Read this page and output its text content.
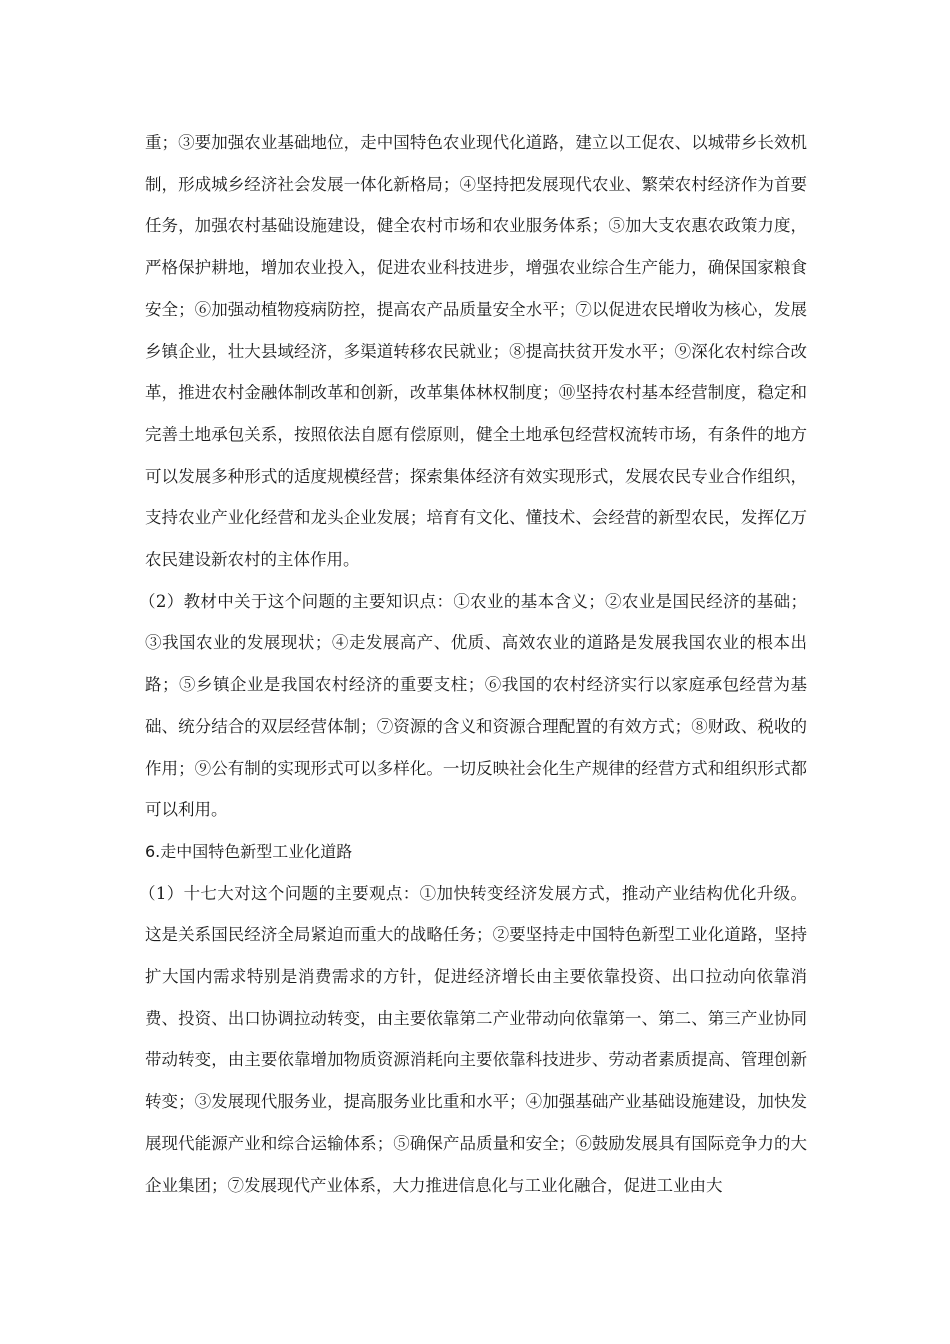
重；③要加强农业基础地位，走中国特色农业现代化道路，建立以工促农、以城带乡长效机制，形成城乡经济社会发展一体化新格局；④坚持把发展现代农业、繁荣农村经济作为首要任务，加强农村基础设施建设，健全农村市场和农业服务体系；⑤加大支农惠农政策力度，严格保护耕地，增加农业投入，促进农业科技进步，增强农业综合生产能力，确保国家粮食安全；⑥加强动植物疫病防控，提高农产品质量安全水平；⑦以促进农民增收为核心，发展乡镇企业，壮大县域经济，多渠道转移农民就业；⑧提高扶贫开发水平；⑨深化农村综合改革，推进农村金融体制改革和创新，改革集体林权制度；⑩坚持农村基本经营制度，稳定和完善土地承包关系，按照依法自愿有偿原则，健全土地承包经营权流转市场，有条件的地方可以发展多种形式的适度规模经营；探索集体经济有效实现形式，发展农民专业合作组织，支持农业产业化经营和龙头企业发展；培育有文化、懂技术、会经营的新型农民，发挥亿万农民建设新农村的主体作用。

（2）教材中关于这个问题的主要知识点：①农业的基本含义；②农业是国民经济的基础；③我国农业的发展现状；④走发展高产、优质、高效农业的道路是发展我国农业的根本出路；⑤乡镇企业是我国农村经济的重要支柱；⑥我国的农村经济实行以家庭承包经营为基础、统分结合的双层经营体制；⑦资源的含义和资源合理配置的有效方式；⑧财政、税收的作用；⑨公有制的实现形式可以多样化。一切反映社会化生产规律的经营方式和组织形式都可以利用。

6.走中国特色新型工业化道路

（1）十七大对这个问题的主要观点：①加快转变经济发展方式，推动产业结构优化升级。这是关系国民经济全局紧迫而重大的战略任务；②要坚持走中国特色新型工业化道路，坚持扩大国内需求特别是消费需求的方针，促进经济增长由主要依靠投资、出口拉动向依靠消费、投资、出口协调拉动转变，由主要依靠第二产业带动向依靠第一、第二、第三产业协同带动转变，由主要依靠增加物质资源消耗向主要依靠科技进步、劳动者素质提高、管理创新转变；③发展现代服务业，提高服务业比重和水平；④加强基础产业基础设施建设，加快发展现代能源产业和综合运输体系；⑤确保产品质量和安全；⑥鼓励发展具有国际竞争力的大企业集团；⑦发展现代产业体系，大力推进信息化与工业化融合，促进工业由大
